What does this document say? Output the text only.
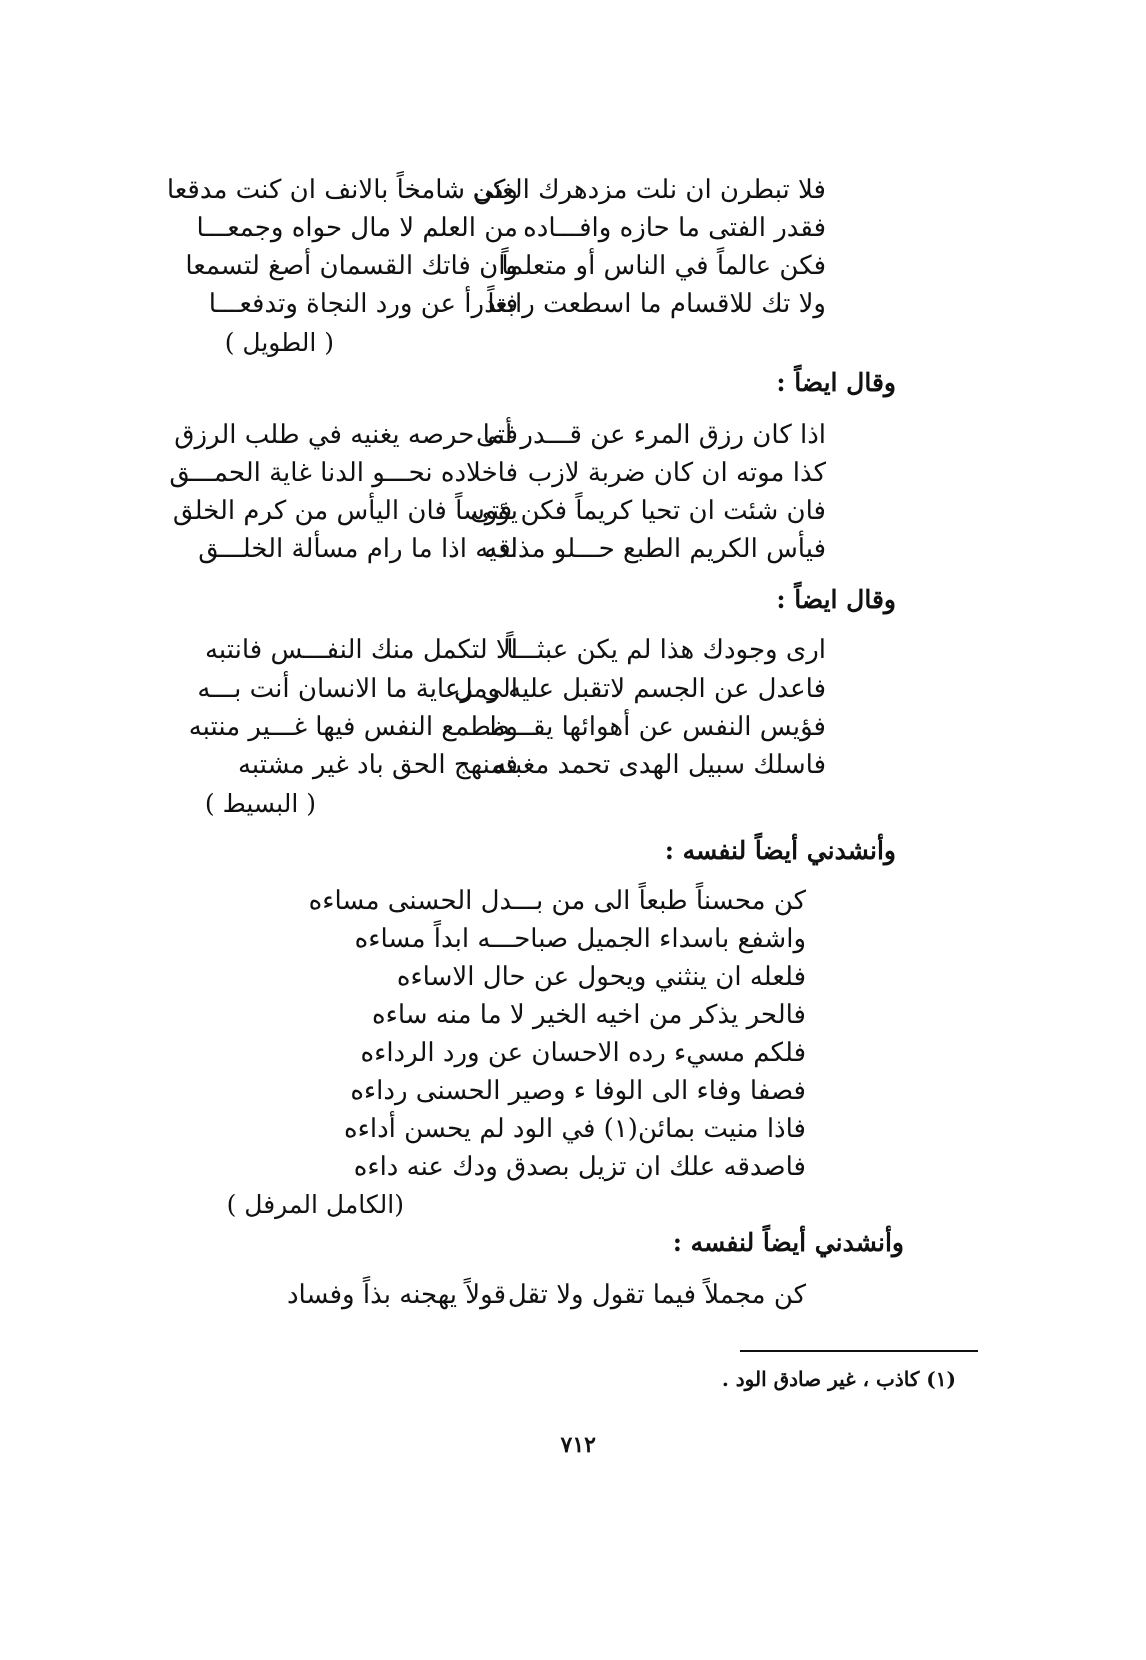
فلا تبطرن ان نلت مزدهرك الغنى
وكن شامخاً بالانف ان كنت مدقعا
فقدر الفتى ما حازه وافـــاده
من العلم لا مال حواه وجمعـــا
فكن عالماً في الناس أو متعلماً
وان فاتك القسمان أصغ لتسمعا
ولا تك للاقسام ما اسطعت رابعاً
فتدرأ عن ورد النجاة وتدفعـــا
( الطويل )
وقال ايضاً :
اذا كان رزق المرء عن قـــدر أتى
فما حرصه يغنيه في طلب الرزق
كذا موته ان كان ضربة لازب
فاخلاده نحـــو الدنا غاية الحمـــق
فان شئت ان تحيا كريماً فكن فتى
يؤوساً فان اليأس من كرم الخلق
فيأس الكريم الطبع حـــلو مذاقه
لديه اذا ما رام مسألة الخلـــق
وقال ايضاً :
ارى وجودك هذا لم يكن عبثـــاً
الا لتكمل منك النفـــس فانتبه
فاعدل عن الجسم لاتقبل عليه ومل
الى رعاية ما الانسان أنت بـــه
فؤيس النفس عن أهوائها يقـــظ
ومطمع النفس فيها غـــير منتبه
فاسلك سبيل الهدى تحمد مغبته
فمنهج الحق باد غير مشتبه
( البسيط )
وأنشدني أيضاً لنفسه :
كن محسناً طبعاً الى من بـــدل الحسنى مساءه
واشفع باسداء الجميل صباحـــه ابداً مساءه
فلعله ان ينثني ويحول عن حال الاساءه
فالحر يذكر من اخيه الخير لا ما منه ساءه
فلكم مسيء رده الاحسان عن ورد الرداءه
فصفا وفاء الى الوفا ء وصير الحسنى رداءه
فاذا منيت بمائن(١) في الود لم يحسن أداءه
فاصدقه علك ان تزيل بصدق ودك عنه داءه
(الكامل المرفل )
وأنشدني أيضاً لنفسه :
كن مجملاً فيما تقول ولا تقل
قولاً يهجنه بذاً وفساد
(١) كاذب ، غير صادق الود .
٧١٢
